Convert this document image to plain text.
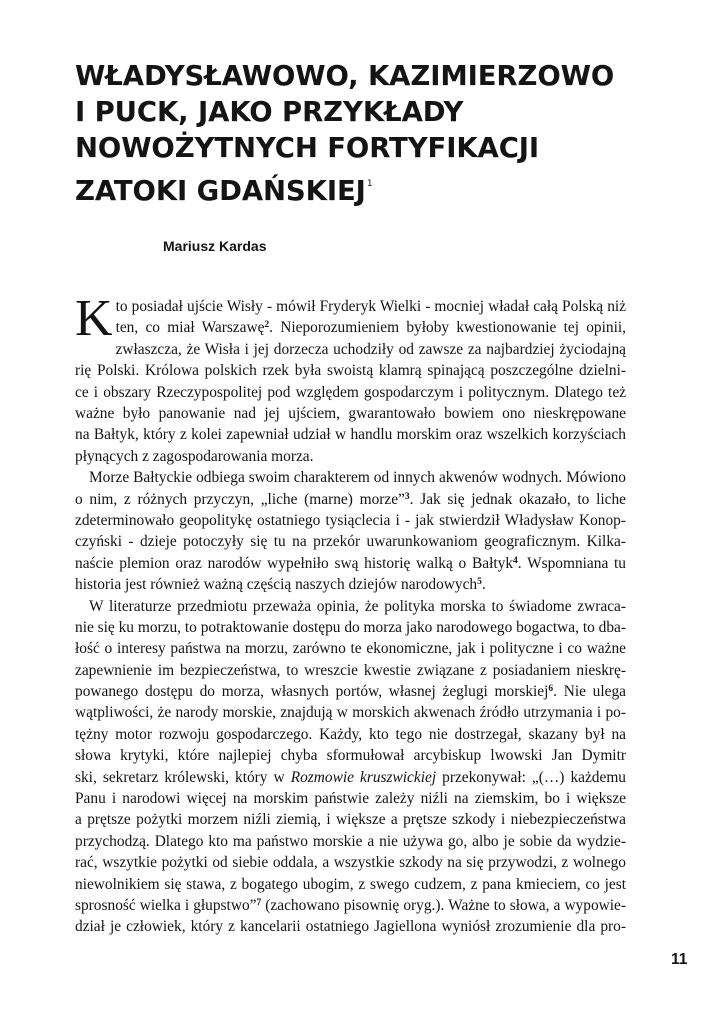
WŁADYSŁAWOWO, KAZIMIERZOWO
I PUCK, JAKO PRZYKŁADY
NOWOŻYTNYCH FORTYFIKACJI
ZATOKI GDAŃSKIEJ$^1$

Mariusz Kardas

K to posiadał ujście Wisły - mówił Fryderyk Wielki - mocniej władał całą Polską niż
ten, co miał Warszawę$^2$. Nieporozumieniem byłoby kwestionowanie tej opinii,
zwłaszcza, że Wisła i jej dorzecza uchodziły od zawsze za najbardziej życiodajną
rię Polski. Królowa polskich rzek była swoistą klamrą spinającą poszczególne dzielni-
ce i obszary Rzeczypospolitej pod względem gospodarczym i politycznym. Dlatego też
ważne było panowanie nad jej ujściem, gwarantowało bowiem ono nieskrępowane
na Bałtyk, który z kolei zapewniał udział w handlu morskim oraz wszelkich korzyściach
płynących z zagospodarowania morza.
Morze Bałtyckie odbiega swoim charakterem od innych akwenów wodnych. Mówiono
o nim, z różnych przyczyn, „liche (marne) morze”$^3$. Jak się jednak okazało, to liche
zdeterminowało geopolitykę ostatniego tysiąclecia i - jak stwierdził Władysław Konop-
czyński - dzieje potoczyły się tu na przekór uwarunkowaniom geograficznym. Kilka-
naście plemion oraz narodów wypełniło swą historię walką o Bałtyk$^4$. Wspomniana tu
historia jest również ważną częścią naszych dziejów narodowych$^5$.
W literaturze przedmiotu przeważa opinia, że polityka morska to świadome zwraca-
nie się ku morzu, to potraktowanie dostępu do morza jako narodowego bogactwa, to dba-
łość o interesy państwa na morzu, zarówno te ekonomiczne, jak i polityczne i co ważne
zapewnienie im bezpieczeństwa, to wreszcie kwestie związane z posiadaniem nieskrę-
powanego dostępu do morza, własnych portów, własnej żeglugi morskiej$^6$. Nie ulega
wątpliwości, że narody morskie, znajdują w morskich akwenach źródło utrzymania i po-
tężny motor rozwoju gospodarczego. Każdy, kto tego nie dostrzegał, skazany był na
słowa krytyki, które najlepiej chyba sformułował arcybiskup lwowski Jan Dymitr
ski, sekretarz królewski, który w Rozmowie kruszwickiej przekonywał: „(…) każdemu
Panu i narodowi więcej na morskim państwie zależy niźli na ziemskim, bo i większe
a prętsze pożytki morzem niźli ziemią, i większe a prętsze szkody i niebezpieczeństwa
przychodzą. Dlatego kto ma państwo morskie a nie używa go, albo je sobie da wydzie-
rać, wszytkie pożytki od siebie oddala, a wszystkie szkody na się przywodzi, z wolnego
niewolnikiem się stawa, z bogatego ubogim, z swego cudzem, z pana kmieciem, co jest
sprosność wielka i głupstwo”$^7$ (zachowano pisownię oryg.). Ważne to słowa, a wypowie-
dział je człowiek, który z kancelarii ostatniego Jagiellona wyniósł zrozumienie dla pro-
11
